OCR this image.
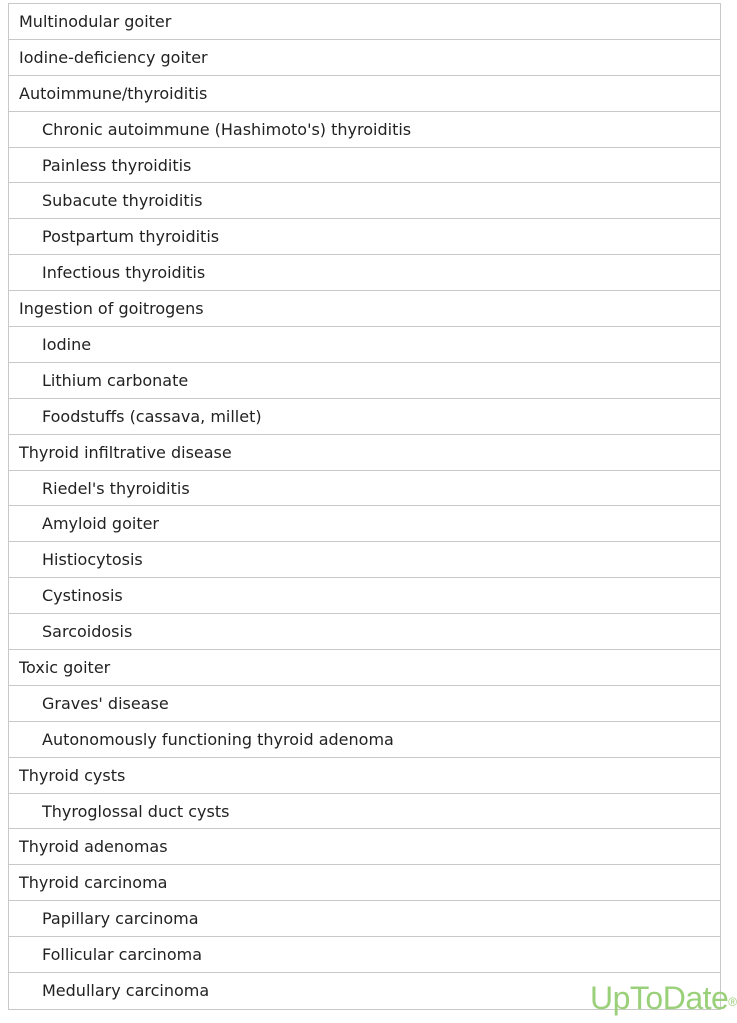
Multinodular goiter
Iodine-deficiency goiter
Autoimmune/thyroiditis
Chronic autoimmune (Hashimoto's) thyroiditis
Painless thyroiditis
Subacute thyroiditis
Postpartum thyroiditis
Infectious thyroiditis
Ingestion of goitrogens
Iodine
Lithium carbonate
Foodstuffs (cassava, millet)
Thyroid infiltrative disease
Riedel's thyroiditis
Amyloid goiter
Histiocytosis
Cystinosis
Sarcoidosis
Toxic goiter
Graves' disease
Autonomously functioning thyroid adenoma
Thyroid cysts
Thyroglossal duct cysts
Thyroid adenomas
Thyroid carcinoma
Papillary carcinoma
Follicular carcinoma
Medullary carcinoma	UpToDate®
